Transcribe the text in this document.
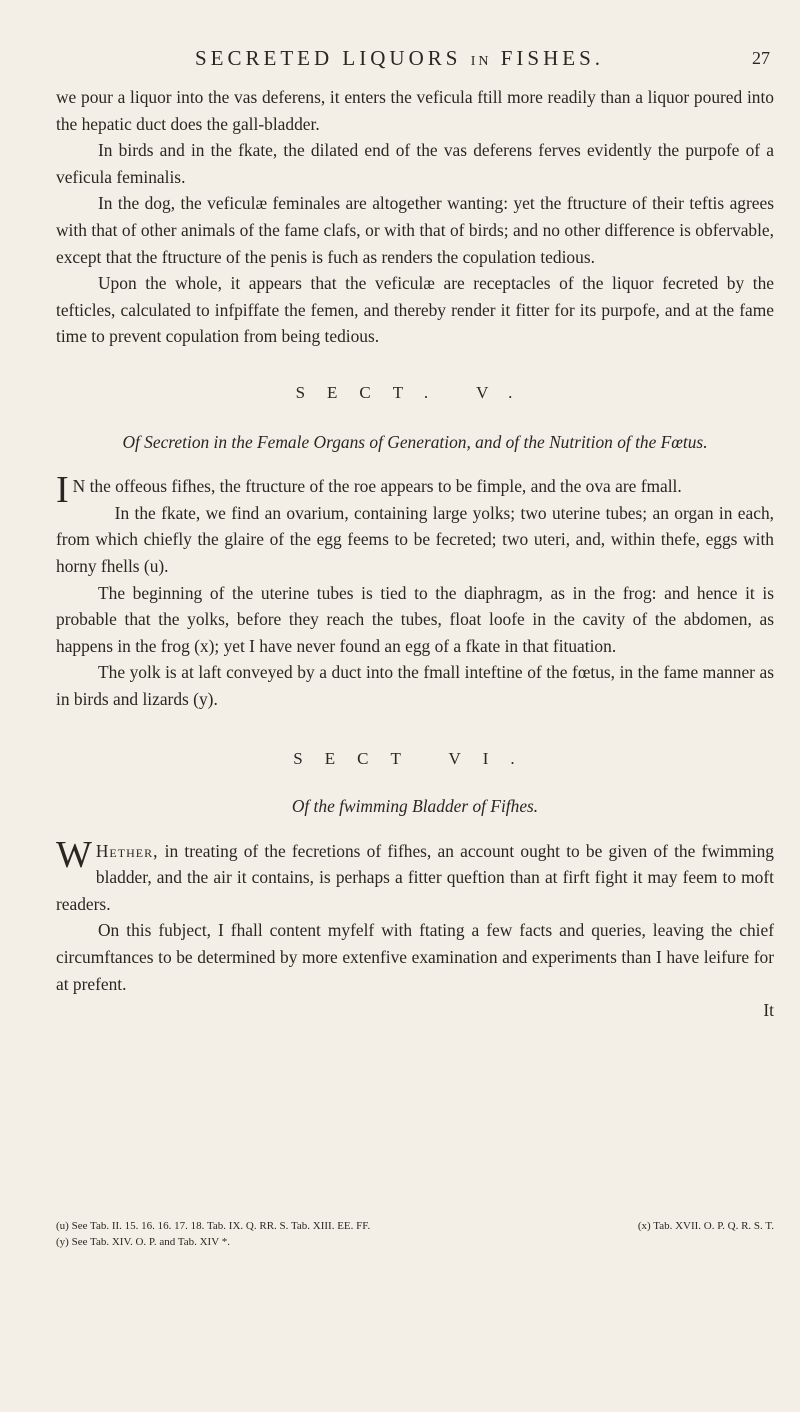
SECRETED LIQUORS IN FISHES.	27

we pour a liquor into the vas deferens, it enters the veficula ftill more readily than a liquor poured into the hepatic duct does the gall-bladder.

In birds and in the fkate, the dilated end of the vas deferens ferves evidently the purpofe of a veficula feminalis.

In the dog, the veficulæ feminales are altogether wanting: yet the ftructure of their teftis agrees with that of other animals of the fame clafs, or with that of birds; and no other difference is obfervable, except that the ftructure of the penis is fuch as renders the copulation tedious.

Upon the whole, it appears that the veficulæ are receptacles of the liquor fecreted by the tefticles, calculated to infpiffate the femen, and thereby render it fitter for its purpofe, and at the fame time to prevent copulation from being tedious.

SECT. V.

Of Secretion in the Female Organs of Generation, and of the Nutrition of the Fœtus.

I N the offeous fifhes, the ftructure of the roe appears to be fimple, and the ova are fmall.

In the fkate, we find an ovarium, containing large yolks; two uterine tubes; an organ in each, from which chiefly the glaire of the egg feems to be fecreted; two uteri, and, within thefe, eggs with horny fhells (u).

The beginning of the uterine tubes is tied to the diaphragm, as in the frog: and hence it is probable that the yolks, before they reach the tubes, float loofe in the cavity of the abdomen, as happens in the frog (x); yet I have never found an egg of a fkate in that fituation.

The yolk is at laft conveyed by a duct into the fmall inteftine of the fœtus, in the fame manner as in birds and lizards (y).

SECT VI.

Of the fwimming Bladder of Fifhes.

W Hether, in treating of the fecretions of fifhes, an account ought to be given of the fwimming bladder, and the air it contains, is perhaps a fitter queftion than at firft fight it may feem to moft readers.

On this fubject, I fhall content myfelf with ftating a few facts and queries, leaving the chief circumftances to be determined by more extenfive examination and experiments than I have leifure for at prefent.

It

(u) See Tab. II. 15. 16. 16. 17. 18. Tab. IX. Q. RR. S. Tab. XIII. EE. FF.	(x) Tab. XVII. O. P. Q. R. S. T.
(y) See Tab. XIV. O. P. and Tab. XIV *.
